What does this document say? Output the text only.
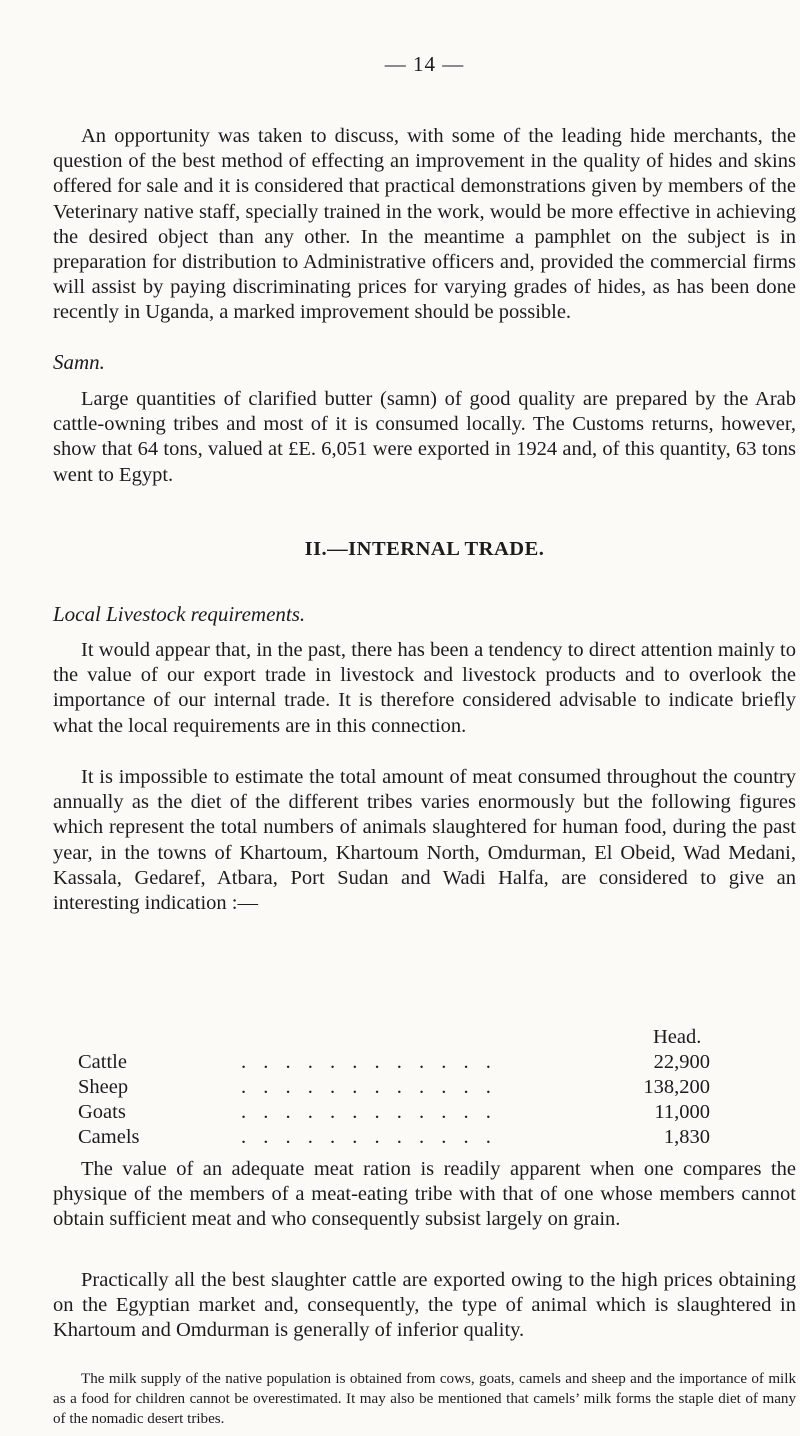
— 14 —

An opportunity was taken to discuss, with some of the leading hide merchants, the question of the best method of effecting an improvement in the quality of hides and skins offered for sale and it is considered that practical demonstrations given by members of the Veterinary native staff, specially trained in the work, would be more effective in achieving the desired object than any other. In the meantime a pamphlet on the subject is in preparation for distribution to Administrative officers and, provided the commercial firms will assist by paying discriminating prices for varying grades of hides, as has been done recently in Uganda, a marked improvement should be possible.

Samn.

Large quantities of clarified butter (samn) of good quality are prepared by the Arab cattle-owning tribes and most of it is consumed locally. The Customs returns, however, show that 64 tons, valued at £E. 6,051 were exported in 1924 and, of this quantity, 63 tons went to Egypt.

II.—INTERNAL TRADE.

Local Livestock requirements.

It would appear that, in the past, there has been a tendency to direct attention mainly to the value of our export trade in livestock and livestock products and to overlook the importance of our internal trade. It is therefore considered advisable to indicate briefly what the local requirements are in this connection.

It is impossible to estimate the total amount of meat consumed throughout the country annually as the diet of the different tribes varies enormously but the following figures which represent the total numbers of animals slaughtered for human food, during the past year, in the towns of Khartoum, Khartoum North, Omdurman, El Obeid, Wad Medani, Kassala, Gedaref, Atbara, Port Sudan and Wadi Halfa, are considered to give an interesting indication :—

Head.
Cattle	. . . . . . . . . . . .	22,900
Sheep	. . . . . . . . . . . .	138,200
Goats	. . . . . . . . . . . .	11,000
Camels	. . . . . . . . . . . .	1,830

The value of an adequate meat ration is readily apparent when one compares the physique of the members of a meat-eating tribe with that of one whose members cannot obtain sufficient meat and who consequently subsist largely on grain.

Practically all the best slaughter cattle are exported owing to the high prices obtaining on the Egyptian market and, consequently, the type of animal which is slaughtered in Khartoum and Omdurman is generally of inferior quality.

The milk supply of the native population is obtained from cows, goats, camels and sheep and the importance of milk as a food for children cannot be overestimated. It may also be mentioned that camels’ milk forms the staple diet of many of the nomadic desert tribes.
